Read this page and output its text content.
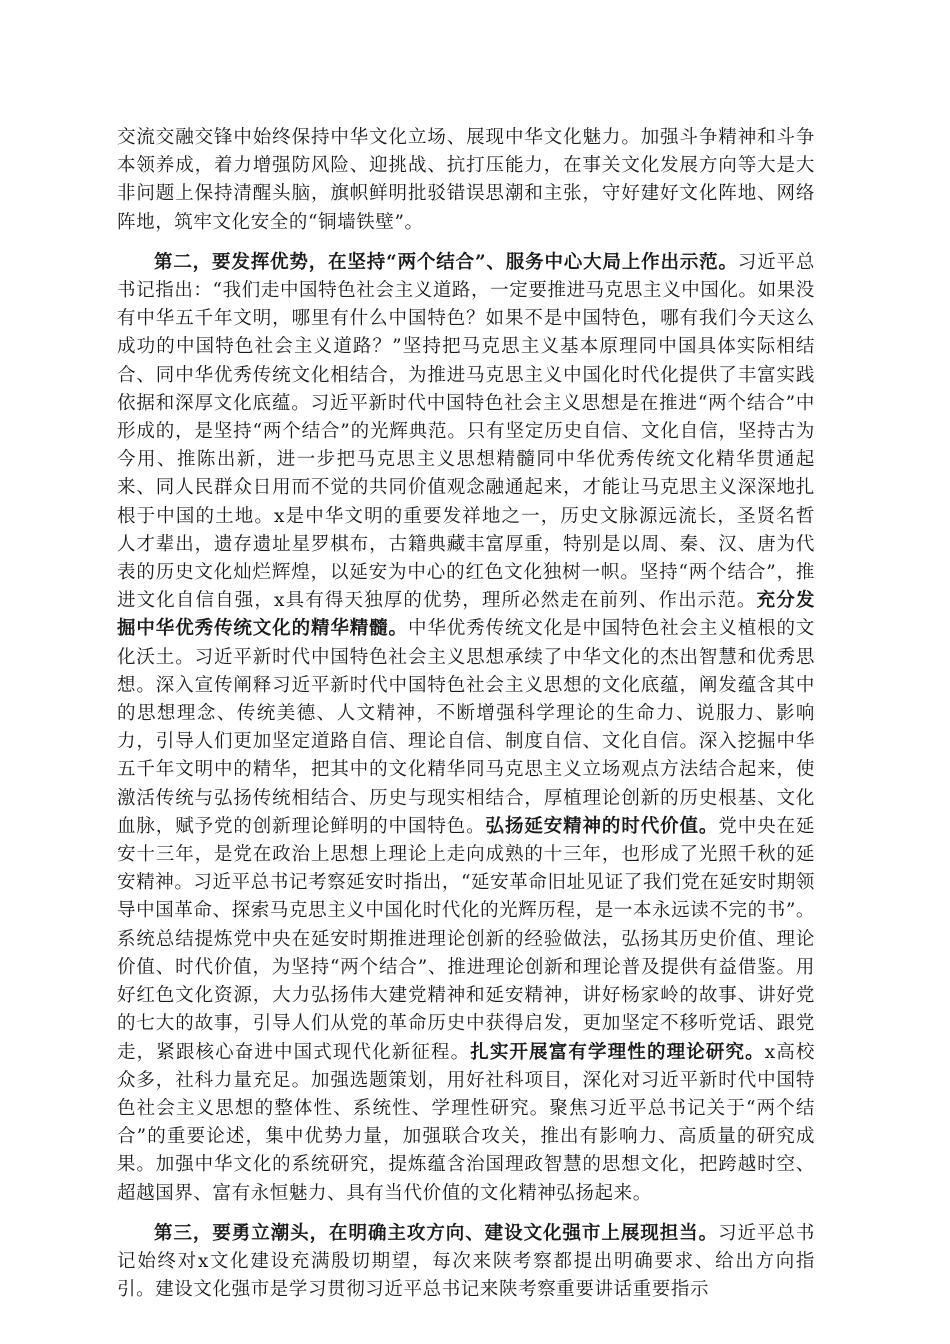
交流交融交锋中始终保持中华文化立场、展现中华文化魅力。加强斗争精神和斗争本领养成，着力增强防风险、迎挑战、抗打压能力，在事关文化发展方向等大是大非问题上保持清醒头脑，旗帜鲜明批驳错误思潮和主张，守好建好文化阵地、网络阵地，筑牢文化安全的“铜墙铁壁”。

第二，要发挥优势，在坚持“两个结合”、服务中心大局上作出示范。习近平总书记指出：“我们走中国特色社会主义道路，一定要推进马克思主义中国化。如果没有中华五千年文明，哪里有什么中国特色？如果不是中国特色，哪有我们今天这么成功的中国特色社会主义道路？”坚持把马克思主义基本原理同中国具体实际相结合、同中华优秀传统文化相结合，为推进马克思主义中国化时代化提供了丰富实践依据和深厚文化底蕴。习近平新时代中国特色社会主义思想是在推进“两个结合”中形成的，是坚持“两个结合”的光辉典范。只有坚定历史自信、文化自信，坚持古为今用、推陈出新，进一步把马克思主义思想精髓同中华优秀传统文化精华贯通起来、同人民群众日用而不觉的共同价值观念融通起来，才能让马克思主义深深地扎根于中国的土地。x是中华文明的重要发祥地之一，历史文脉源远流长，圣贤名哲人才辈出，遗存遗址星罗棋布，古籍典藏丰富厚重，特别是以周、秦、汉、唐为代表的历史文化灿烂辉煌，以延安为中心的红色文化独树一帜。坚持“两个结合”，推进文化自信自强，x具有得天独厚的优势，理所必然走在前列、作出示范。充分发掘中华优秀传统文化的精华精髓。中华优秀传统文化是中国特色社会主义植根的文化沃土。习近平新时代中国特色社会主义思想承续了中华文化的杰出智慧和优秀思想。深入宣传阐释习近平新时代中国特色社会主义思想的文化底蕴，阐发蕴含其中的思想理念、传统美德、人文精神，不断增强科学理论的生命力、说服力、影响力，引导人们更加坚定道路自信、理论自信、制度自信、文化自信。深入挖掘中华五千年文明中的精华，把其中的文化精华同马克思主义立场观点方法结合起来，使激活传统与弘扬传统相结合、历史与现实相结合，厚植理论创新的历史根基、文化血脉，赋予党的创新理论鲜明的中国特色。弘扬延安精神的时代价值。党中央在延安十三年，是党在政治上思想上理论上走向成熟的十三年，也形成了光照千秋的延安精神。习近平总书记考察延安时指出，“延安革命旧址见证了我们党在延安时期领导中国革命、探索马克思主义中国化时代化的光辉历程，是一本永远读不完的书”。系统总结提炼党中央在延安时期推进理论创新的经验做法，弘扬其历史价值、理论价值、时代价值，为坚持“两个结合”、推进理论创新和理论普及提供有益借鉴。用好红色文化资源，大力弘扬伟大建党精神和延安精神，讲好杨家岭的故事、讲好党的七大的故事，引导人们从党的革命历史中获得启发，更加坚定不移听党话、跟党走，紧跟核心奋进中国式现代化新征程。扎实开展富有学理性的理论研究。x高校众多，社科力量充足。加强选题策划，用好社科项目，深化对习近平新时代中国特色社会主义思想的整体性、系统性、学理性研究。聚焦习近平总书记关于“两个结合”的重要论述，集中优势力量，加强联合攻关，推出有影响力、高质量的研究成果。加强中华文化的系统研究，提炼蕴含治国理政智慧的思想文化，把跨越时空、超越国界、富有永恒魅力、具有当代价值的文化精神弘扬起来。

第三，要勇立潮头，在明确主攻方向、建设文化强市上展现担当。习近平总书记始终对x文化建设充满殷切期望，每次来陕考察都提出明确要求、给出方向指引。建设文化强市是学习贯彻习近平总书记来陕考察重要讲话重要指示
